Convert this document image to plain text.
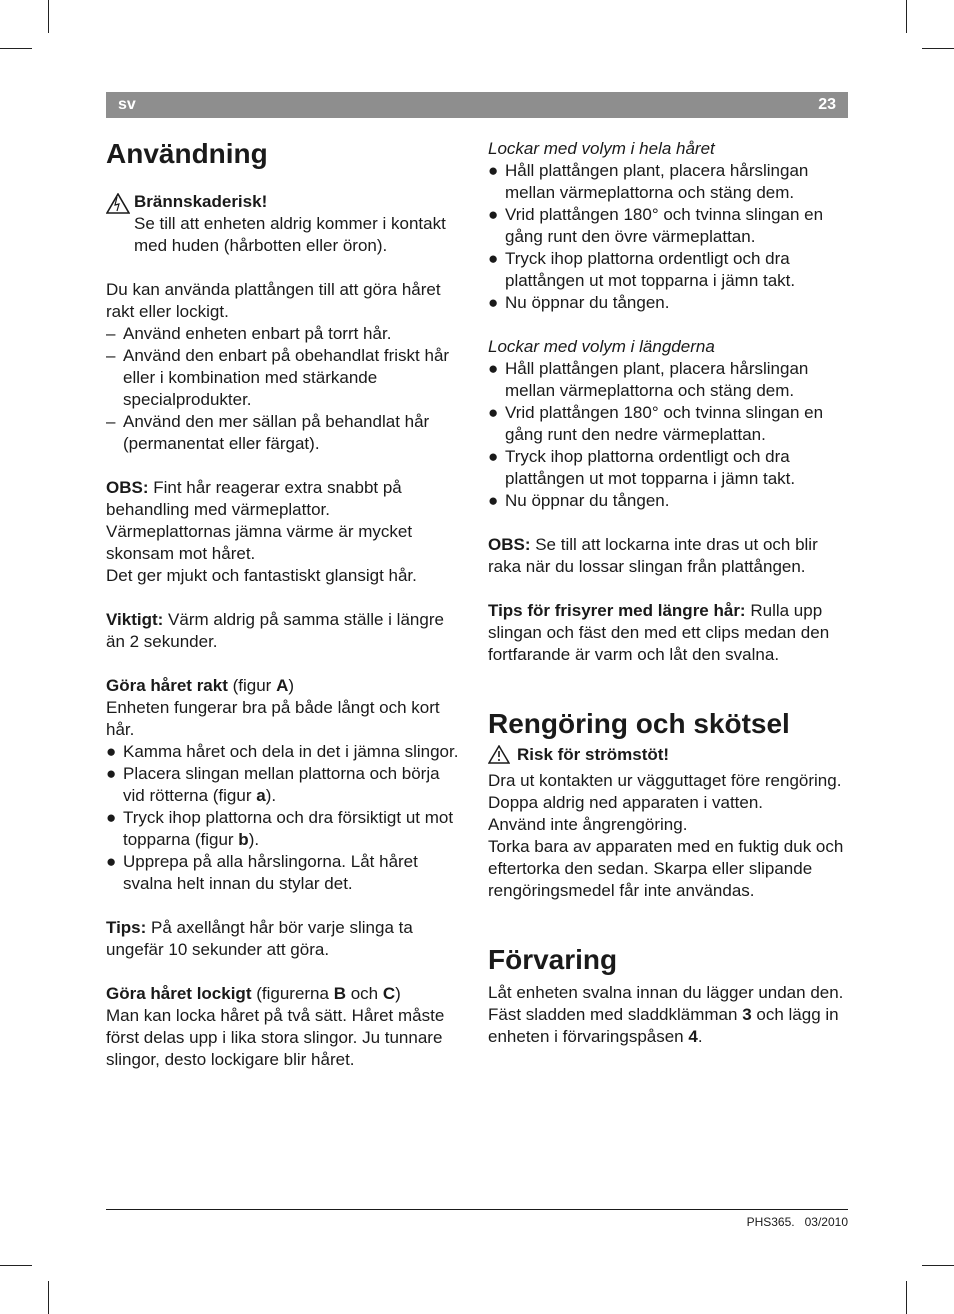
sv	23
Användning

Brännskaderisk!

Se till att enheten aldrig kommer i kontakt med huden (hårbotten eller öron).

Du kan använda plattången till att göra håret rakt eller lockigt.

– Använd enheten enbart på torrt hår.
– Använd den enbart på obehandlat friskt hår eller i kombination med stärkande specialprodukter.
– Använd den mer sällan på behandlat hår (permanentat eller färgat).

OBS: Fint hår reagerar extra snabbt på behandling med värmeplattor.

Värmeplattornas jämna värme är mycket skonsam mot håret.

Det ger mjukt och fantastiskt glansigt hår.

Viktigt: Värm aldrig på samma ställe i längre än 2 sekunder.

Göra håret rakt (figur A)

Enheten fungerar bra på både långt och kort hår.

● Kamma håret och dela in det i jämna slingor.
● Placera slingan mellan plattorna och börja vid rötterna (figur a).
● Tryck ihop plattorna och dra försiktigt ut mot topparna (figur b).
● Upprepa på alla hårslingorna. Låt håret svalna helt innan du stylar det.

Tips: På axellångt hår bör varje slinga ta ungefär 10 sekunder att göra.

Göra håret lockigt (figurerna B och C)

Man kan locka håret på två sätt. Håret måste först delas upp i lika stora slingor. Ju tunnare slingor, desto lockigare blir håret.

Lockar med volym i hela håret

● Håll plattången plant, placera hårslingan mellan värmeplattorna och stäng dem.
● Vrid plattången 180° och tvinna slingan en gång runt den övre värmeplattan.
● Tryck ihop plattorna ordentligt och dra plattången ut mot topparna i jämn takt.
● Nu öppnar du tången.

Lockar med volym i längderna

● Håll plattången plant, placera hårslingan mellan värmeplattorna och stäng dem.
● Vrid plattången 180° och tvinna slingan en gång runt den nedre värmeplattan.
● Tryck ihop plattorna ordentligt och dra plattången ut mot topparna i jämn takt.
● Nu öppnar du tången.

OBS: Se till att lockarna inte dras ut och blir raka när du lossar slingan från plattången.

Tips för frisyrer med längre hår: Rulla upp slingan och fäst den med ett clips medan den fortfarande är varm och låt den svalna.

Rengöring och skötsel

Risk för strömstöt!

Dra ut kontakten ur vägguttaget före rengöring.

Doppa aldrig ned apparaten i vatten.

Använd inte ångrengöring.

Torka bara av apparaten med en fuktig duk och eftertorka den sedan. Skarpa eller slipande rengöringsmedel får inte användas.

Förvaring

Låt enheten svalna innan du lägger undan den.

Fäst sladden med sladdklämman 3 och lägg in enheten i förvaringspåsen 4.

PHS365. 03/2010
